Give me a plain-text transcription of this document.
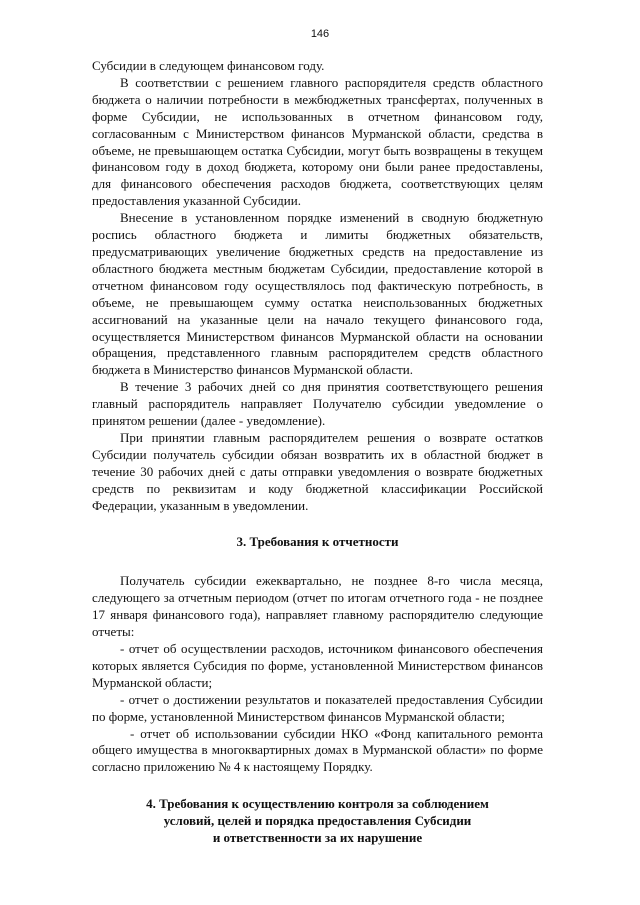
146

Субсидии в следующем финансовом году.

В соответствии с решением главного распорядителя средств областного бюджета о наличии потребности в межбюджетных трансфертах, полученных в форме Субсидии, не использованных в отчетном финансовом году, согласованным с Министерством финансов Мурманской области, средства в объеме, не превышающем остатка Субсидии, могут быть возвращены в текущем финансовом году в доход бюджета, которому они были ранее предоставлены, для финансового обеспечения расходов бюджета, соответствующих целям предоставления указанной Субсидии.

Внесение в установленном порядке изменений в сводную бюджетную роспись областного бюджета и лимиты бюджетных обязательств, предусматривающих увеличение бюджетных средств на предоставление из областного бюджета местным бюджетам Субсидии, предоставление которой в отчетном финансовом году осуществлялось под фактическую потребность, в объеме, не превышающем сумму остатка неиспользованных бюджетных ассигнований на указанные цели на начало текущего финансового года, осуществляется Министерством финансов Мурманской области на основании обращения, представленного главным распорядителем средств областного бюджета в Министерство финансов Мурманской области.

В течение 3 рабочих дней со дня принятия соответствующего решения главный распорядитель направляет Получателю субсидии уведомление о принятом решении (далее - уведомление).

При принятии главным распорядителем решения о возврате остатков Субсидии получатель субсидии обязан возвратить их в областной бюджет в течение 30 рабочих дней с даты отправки уведомления о возврате бюджетных средств по реквизитам и коду бюджетной классификации Российской Федерации, указанным в уведомлении.

3. Требования к отчетности

Получатель субсидии ежеквартально, не позднее 8-го числа месяца, следующего за отчетным периодом (отчет по итогам отчетного года - не позднее 17 января финансового года), направляет главному распорядителю следующие отчеты:

- отчет об осуществлении расходов, источником финансового обеспечения которых является Субсидия по форме, установленной Министерством финансов Мурманской области;

- отчет о достижении результатов и показателей предоставления Субсидии по форме, установленной Министерством финансов Мурманской области;

- отчет об использовании субсидии НКО «Фонд капитального ремонта общего имущества в многоквартирных домах в Мурманской области» по форме согласно приложению № 4 к настоящему Порядку.

4. Требования к осуществлению контроля за соблюдением
условий, целей и порядка предоставления Субсидии
и ответственности за их нарушение
